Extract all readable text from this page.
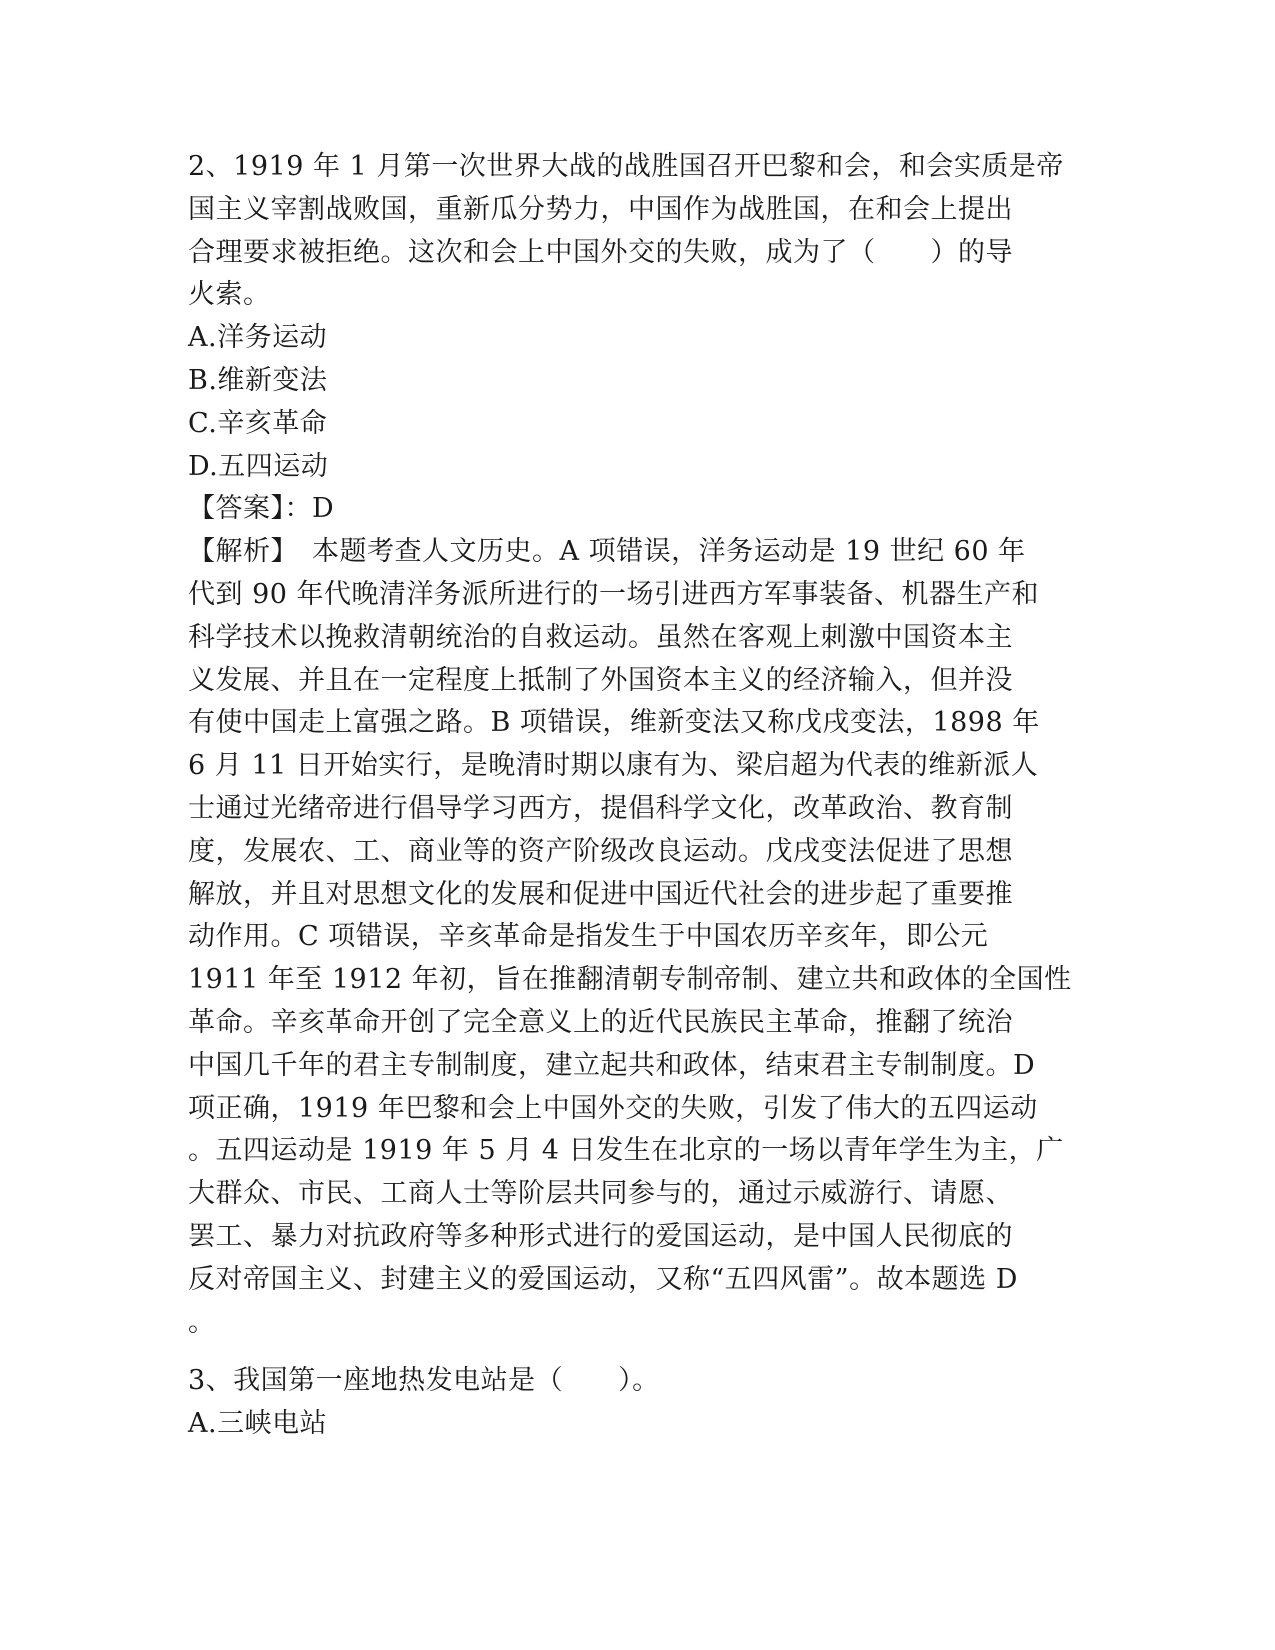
2、1919 年 1 月第一次世界大战的战胜国召开巴黎和会，和会实质是帝
国主义宰割战败国，重新瓜分势力，中国作为战胜国，在和会上提出
合理要求被拒绝。这次和会上中国外交的失败，成为了（　　）的导
火索。
A.洋务运动
B.维新变法
C.辛亥革命
D.五四运动
【答案】：D
【解析】　本题考查人文历史。A 项错误，洋务运动是 19 世纪 60 年
代到 90 年代晚清洋务派所进行的一场引进西方军事装备、机器生产和
科学技术以挽救清朝统治的自救运动。虽然在客观上刺激中国资本主
义发展、并且在一定程度上抵制了外国资本主义的经济输入，但并没
有使中国走上富强之路。B 项错误，维新变法又称戊戌变法，1898 年
6 月 11 日开始实行，是晚清时期以康有为、梁启超为代表的维新派人
士通过光绪帝进行倡导学习西方，提倡科学文化，改革政治、教育制
度，发展农、工、商业等的资产阶级改良运动。戊戌变法促进了思想
解放，并且对思想文化的发展和促进中国近代社会的进步起了重要推
动作用。C 项错误，辛亥革命是指发生于中国农历辛亥年，即公元
1911 年至 1912 年初，旨在推翻清朝专制帝制、建立共和政体的全国性
革命。辛亥革命开创了完全意义上的近代民族民主革命，推翻了统治
中国几千年的君主专制制度，建立起共和政体，结束君主专制制度。D
项正确，1919 年巴黎和会上中国外交的失败，引发了伟大的五四运动
。五四运动是 1919 年 5 月 4 日发生在北京的一场以青年学生为主，广
大群众、市民、工商人士等阶层共同参与的，通过示威游行、请愿、
罢工、暴力对抗政府等多种形式进行的爱国运动，是中国人民彻底的
反对帝国主义、封建主义的爱国运动，又称“五四风雷”。故本题选 D
。
3、我国第一座地热发电站是（　　）。
A.三峡电站
